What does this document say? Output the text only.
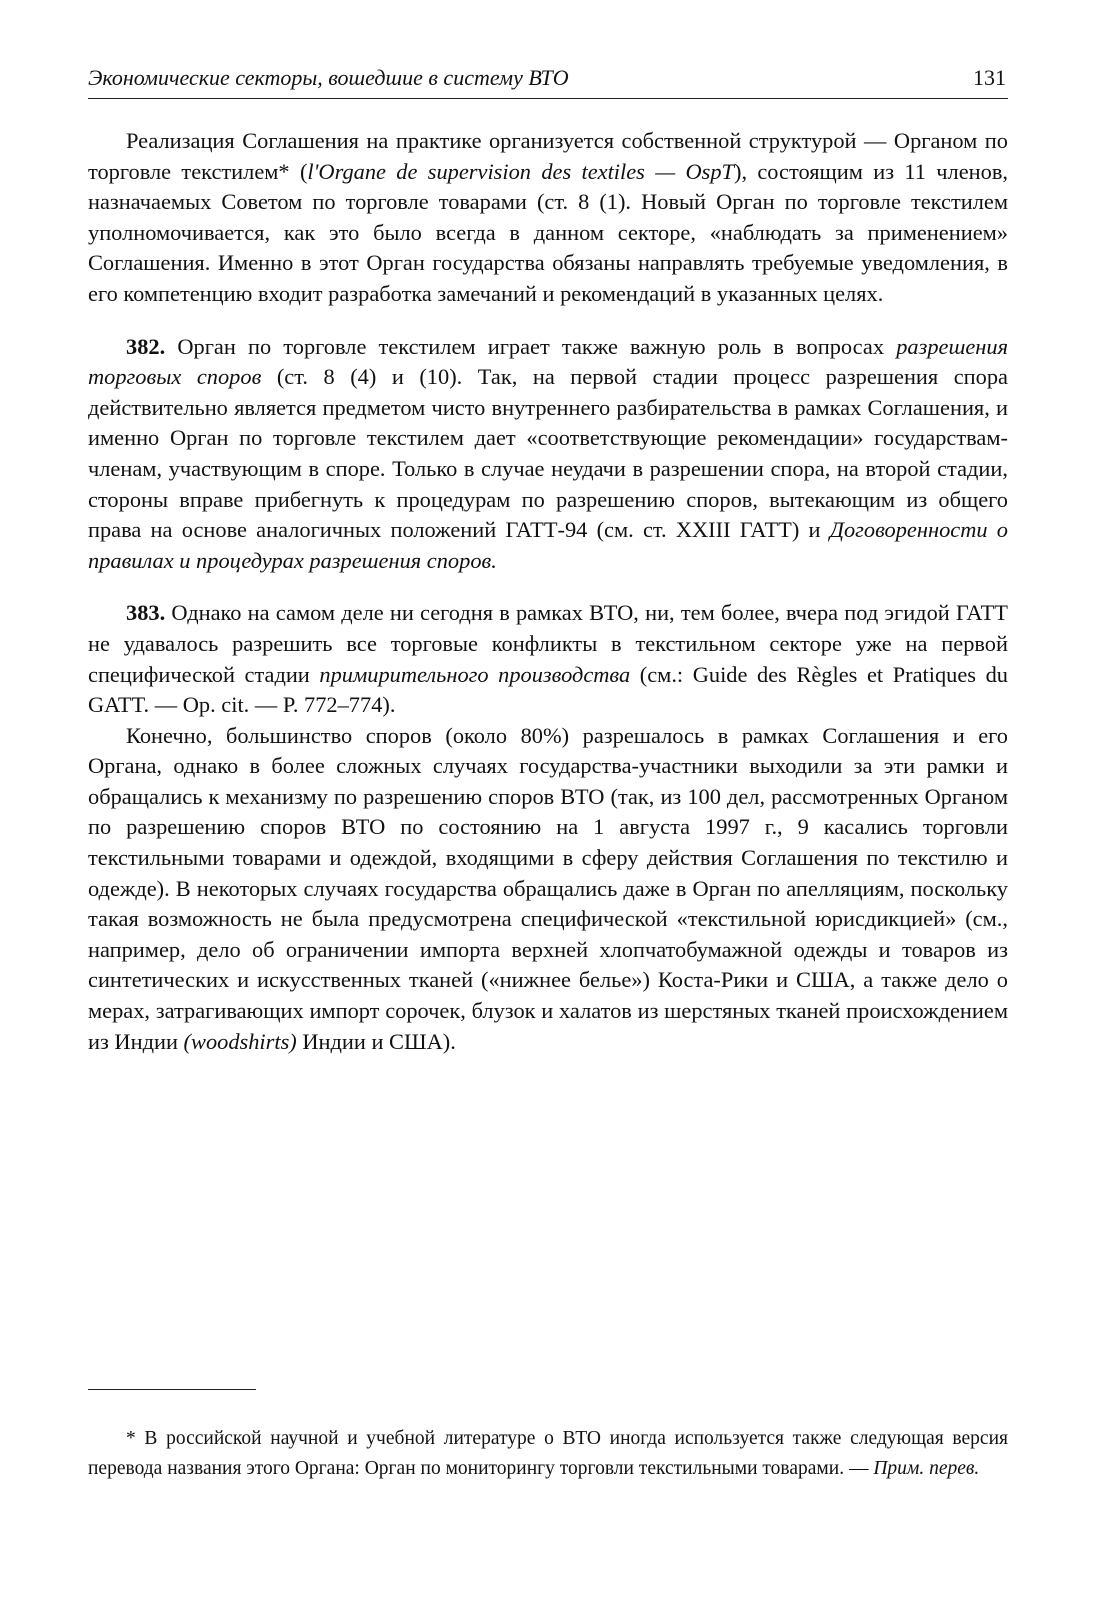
Экономические секторы, вошедшие в систему ВТО	131

Реализация Соглашения на практике организуется собственной структурой — Органом по торговле текстилем* (l'Organe de supervision des textiles — OspT), состоящим из 11 членов, назначаемых Советом по торговле товарами (ст. 8 (1). Новый Орган по торговле текстилем уполномочивается, как это было всегда в данном секторе, «наблюдать за применением» Соглашения. Именно в этот Орган государства обязаны направлять требуемые уведомления, в его компетенцию входит разработка замечаний и рекомендаций в указанных целях.

382. Орган по торговле текстилем играет также важную роль в вопросах разрешения торговых споров (ст. 8 (4) и (10). Так, на первой стадии процесс разрешения спора действительно является предметом чисто внутреннего разбирательства в рамках Соглашения, и именно Орган по торговле текстилем дает «соответствующие рекомендации» государствам-членам, участвующим в споре. Только в случае неудачи в разрешении спора, на второй стадии, стороны вправе прибегнуть к процедурам по разрешению споров, вытекающим из общего права на основе аналогичных положений ГАТТ-94 (см. ст. XXIII ГАТТ) и Договоренности о правилах и процедурах разрешения споров.

383. Однако на самом деле ни сегодня в рамках ВТО, ни, тем более, вчера под эгидой ГАТТ не удавалось разрешить все торговые конфликты в текстильном секторе уже на первой специфической стадии примирительного производства (см.: Guide des Règles et Pratiques du GATT. — Op. cit. — P. 772–774).

Конечно, большинство споров (около 80%) разрешалось в рамках Соглашения и его Органа, однако в более сложных случаях государства-участники выходили за эти рамки и обращались к механизму по разрешению споров ВТО (так, из 100 дел, рассмотренных Органом по разрешению споров ВТО по состоянию на 1 августа 1997 г., 9 касались торговли текстильными товарами и одеждой, входящими в сферу действия Соглашения по текстилю и одежде). В некоторых случаях государства обращались даже в Орган по апелляциям, поскольку такая возможность не была предусмотрена специфической «текстильной юрисдикцией» (см., например, дело об ограничении импорта верхней хлопчатобумажной одежды и товаров из синтетических и искусственных тканей («нижнее белье») Коста-Рики и США, а также дело о мерах, затрагивающих импорт сорочек, блузок и халатов из шерстяных тканей происхождением из Индии (woodshirts) Индии и США).

* В российской научной и учебной литературе о ВТО иногда используется также следующая версия перевода названия этого Органа: Орган по мониторингу торговли текстильными товарами. — Прим. перев.
